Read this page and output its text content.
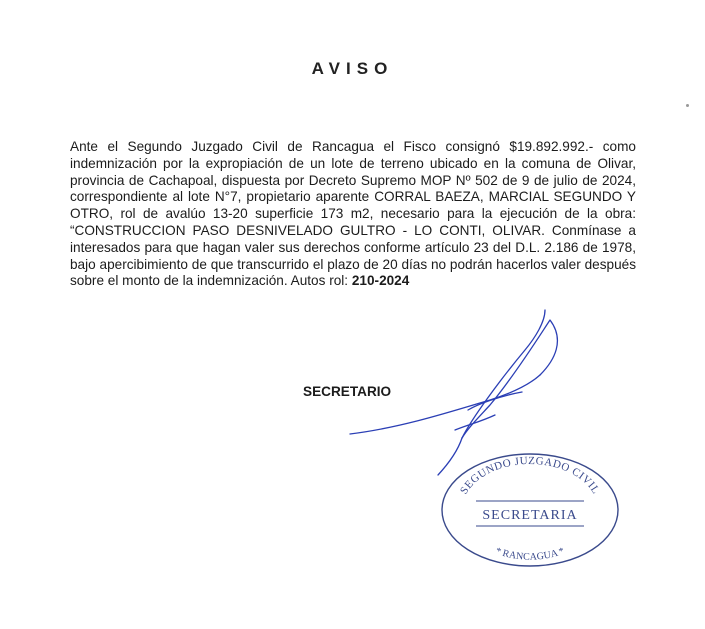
AVISO
Ante el Segundo Juzgado Civil de Rancagua el Fisco consignó $19.892.992.- como indemnización por la expropiación de un lote de terreno ubicado en la comuna de Olivar, provincia de Cachapoal, dispuesta por Decreto Supremo MOP Nº 502 de 9 de julio de 2024, correspondiente al lote N°7, propietario aparente CORRAL BAEZA, MARCIAL SEGUNDO Y OTRO, rol de avalúo 13-20 superficie 173 m2, necesario para la ejecución de la obra: “CONSTRUCCION PASO DESNIVELADO GULTRO - LO CONTI, OLIVAR. Conmínase a interesados para que hagan valer sus derechos conforme artículo 23 del D.L. 2.186 de 1978, bajo apercibimiento de que transcurrido el plazo de 20 días no podrán hacerlos valer después sobre el monto de la indemnización. Autos rol: 210-2024
SECRETARIO
SEGUNDO JUZGADO CIVIL
SECRETARIA
* RANCAGUA *
